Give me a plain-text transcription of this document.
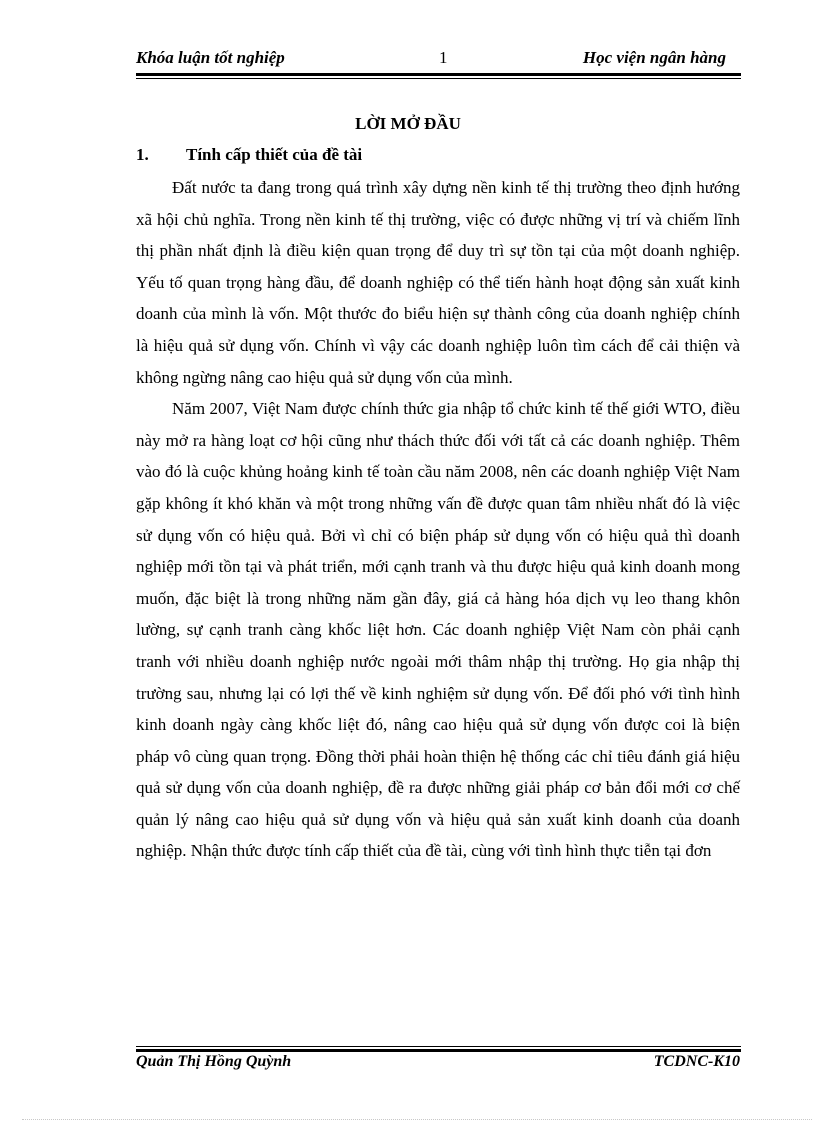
Khóa luận tốt nghiệp	1	Học viện ngân hàng
LỜI MỞ ĐẦU
1. Tính cấp thiết của đề tài

Đất nước ta đang trong quá trình xây dựng nền kinh tế thị trường theo định hướng xã hội chủ nghĩa. Trong nền kinh tế thị trường, việc có được những vị trí và chiếm lĩnh thị phần nhất định là điều kiện quan trọng để duy trì sự tồn tại của một doanh nghiệp. Yếu tố quan trọng hàng đầu, để doanh nghiệp có thể tiến hành hoạt động sản xuất kinh doanh của mình là vốn. Một thước đo biểu hiện sự thành công của doanh nghiệp chính là hiệu quả sử dụng vốn. Chính vì vậy các doanh nghiệp luôn tìm cách để cải thiện và không ngừng nâng cao hiệu quả sử dụng vốn của mình.

Năm 2007, Việt Nam được chính thức gia nhập tổ chức kinh tế thế giới WTO, điều này mở ra hàng loạt cơ hội cũng như thách thức đối với tất cả các doanh nghiệp. Thêm vào đó là cuộc khủng hoảng kinh tế toàn cầu năm 2008, nên các doanh nghiệp Việt Nam gặp không ít khó khăn và một trong những vấn đề được quan tâm nhiều nhất đó là việc sử dụng vốn có hiệu quả. Bởi vì chỉ có biện pháp sử dụng vốn có hiệu quả thì doanh nghiệp mới tồn tại và phát triển, mới cạnh tranh và thu được hiệu quả kinh doanh mong muốn, đặc biệt là trong những năm gần đây, giá cả hàng hóa dịch vụ leo thang khôn lường, sự cạnh tranh càng khốc liệt hơn. Các doanh nghiệp Việt Nam còn phải cạnh tranh với nhiều doanh nghiệp nước ngoài mới thâm nhập thị trường. Họ gia nhập thị trường sau, nhưng lại có lợi thế về kinh nghiệm sử dụng vốn. Để đối phó với tình hình kinh doanh ngày càng khốc liệt đó, nâng cao hiệu quả sử dụng vốn được coi là biện pháp vô cùng quan trọng. Đồng thời phải hoàn thiện hệ thống các chỉ tiêu đánh giá hiệu quả sử dụng vốn của doanh nghiệp, đề ra được những giải pháp cơ bản đổi mới cơ chế quản lý nâng cao hiệu quả sử dụng vốn và hiệu quả sản xuất kinh doanh của doanh nghiệp. Nhận thức được tính cấp thiết của đề tài, cùng với tình hình thực tiễn tại đơn

Quản Thị Hồng Quỳnh	TCDNC-K10
